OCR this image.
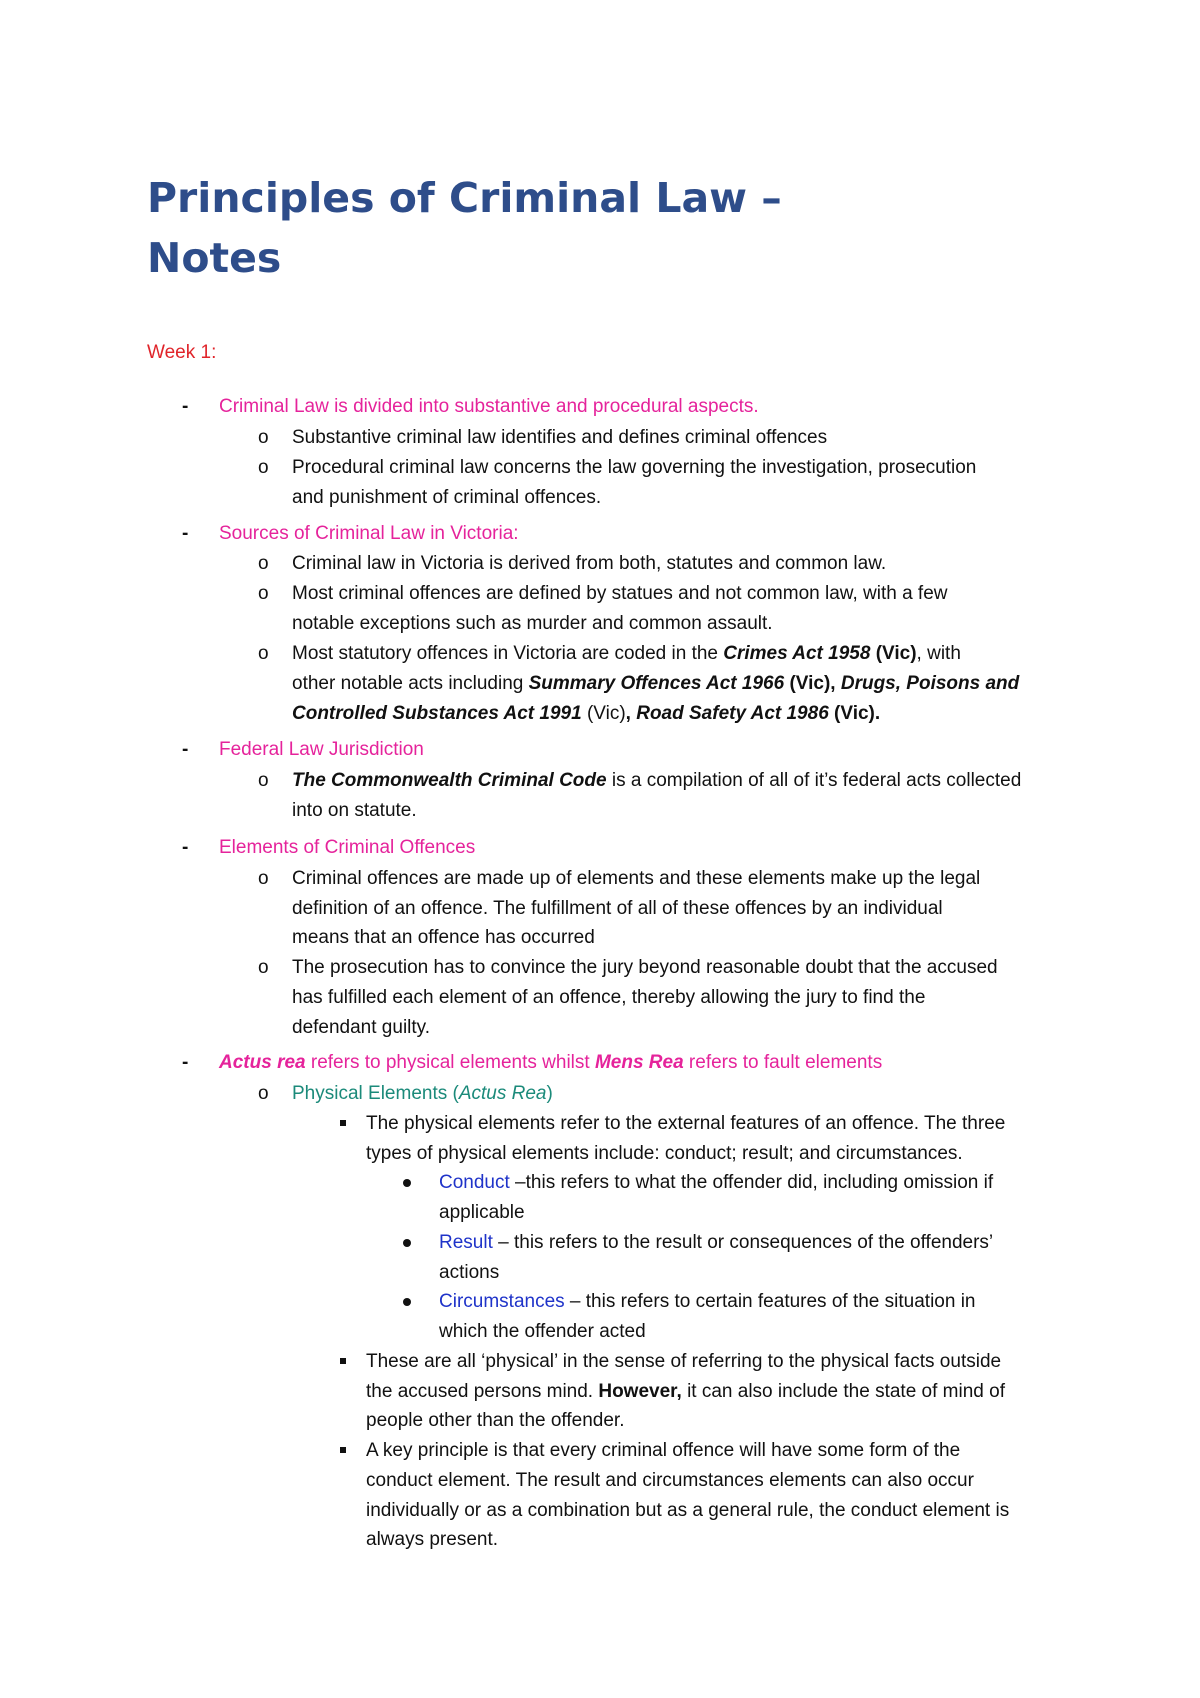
Principles of Criminal Law –
Notes
Week 1:
- Criminal Law is divided into substantive and procedural aspects.
o Substantive criminal law identifies and defines criminal offences
o Procedural criminal law concerns the law governing the investigation, prosecution
and punishment of criminal offences.
- Sources of Criminal Law in Victoria:
o Criminal law in Victoria is derived from both, statutes and common law.
o Most criminal offences are defined by statues and not common law, with a few
notable exceptions such as murder and common assault.
o Most statutory offences in Victoria are coded in the Crimes Act 1958 (Vic), with
other notable acts including Summary Offences Act 1966 (Vic), Drugs, Poisons and
Controlled Substances Act 1991 (Vic), Road Safety Act 1986 (Vic).
- Federal Law Jurisdiction
o The Commonwealth Criminal Code is a compilation of all of it’s federal acts collected
into on statute.
- Elements of Criminal Offences
o Criminal offences are made up of elements and these elements make up the legal
definition of an offence. The fulfillment of all of these offences by an individual
means that an offence has occurred
o The prosecution has to convince the jury beyond reasonable doubt that the accused
has fulfilled each element of an offence, thereby allowing the jury to find the
defendant guilty.
- Actus rea refers to physical elements whilst Mens Rea refers to fault elements
o Physical Elements (Actus Rea)
The physical elements refer to the external features of an offence. The three
types of physical elements include: conduct; result; and circumstances.
Conduct –this refers to what the offender did, including omission if
applicable
Result – this refers to the result or consequences of the offenders’
actions
Circumstances – this refers to certain features of the situation in
which the offender acted
These are all ‘physical’ in the sense of referring to the physical facts outside
the accused persons mind. However, it can also include the state of mind of
people other than the offender.
A key principle is that every criminal offence will have some form of the
conduct element. The result and circumstances elements can also occur
individually or as a combination but as a general rule, the conduct element is
always present.
